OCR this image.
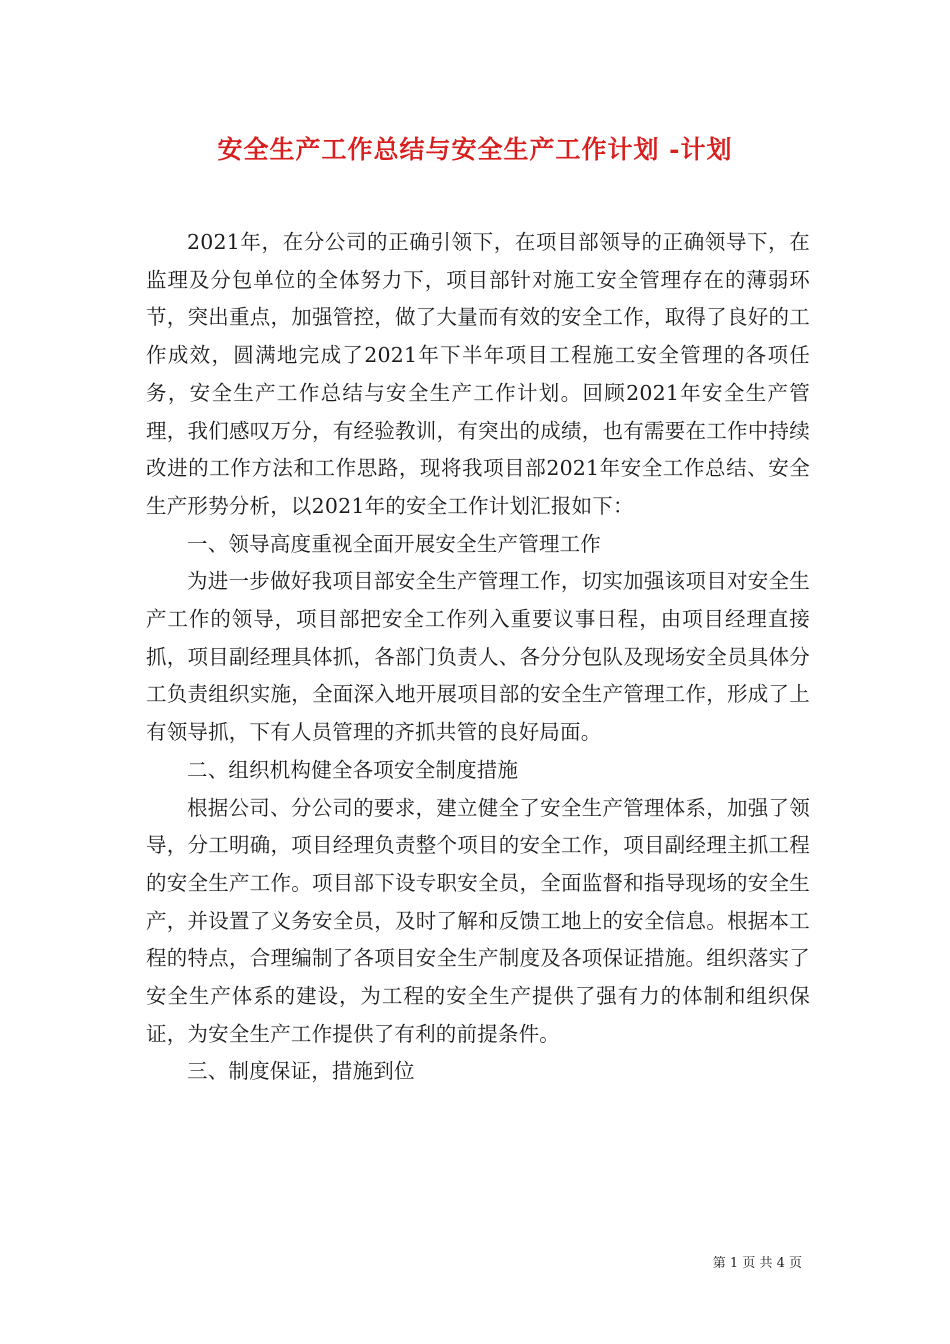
安全生产工作总结与安全生产工作计划 -计划

2021年，在分公司的正确引领下，在项目部领导的正确领导下，在监理及分包单位的全体努力下，项目部针对施工安全管理存在的薄弱环节，突出重点，加强管控，做了大量而有效的安全工作，取得了良好的工作成效，圆满地完成了2021年下半年项目工程施工安全管理的各项任务，安全生产工作总结与安全生产工作计划。回顾2021年安全生产管理，我们感叹万分，有经验教训，有突出的成绩，也有需要在工作中持续改进的工作方法和工作思路，现将我项目部2021年安全工作总结、安全生产形势分析，以2021年的安全工作计划汇报如下：

一、领导高度重视全面开展安全生产管理工作

为进一步做好我项目部安全生产管理工作，切实加强该项目对安全生产工作的领导，项目部把安全工作列入重要议事日程，由项目经理直接抓，项目副经理具体抓，各部门负责人、各分分包队及现场安全员具体分工负责组织实施，全面深入地开展项目部的安全生产管理工作，形成了上有领导抓，下有人员管理的齐抓共管的良好局面。

二、组织机构健全各项安全制度措施

根据公司、分公司的要求，建立健全了安全生产管理体系，加强了领导，分工明确，项目经理负责整个项目的安全工作，项目副经理主抓工程的安全生产工作。项目部下设专职安全员，全面监督和指导现场的安全生产，并设置了义务安全员，及时了解和反馈工地上的安全信息。根据本工程的特点，合理编制了各项目安全生产制度及各项保证措施。组织落实了安全生产体系的建设，为工程的安全生产提供了强有力的体制和组织保证，为安全生产工作提供了有利的前提条件。

三、制度保证，措施到位

第 1 页 共 4 页
